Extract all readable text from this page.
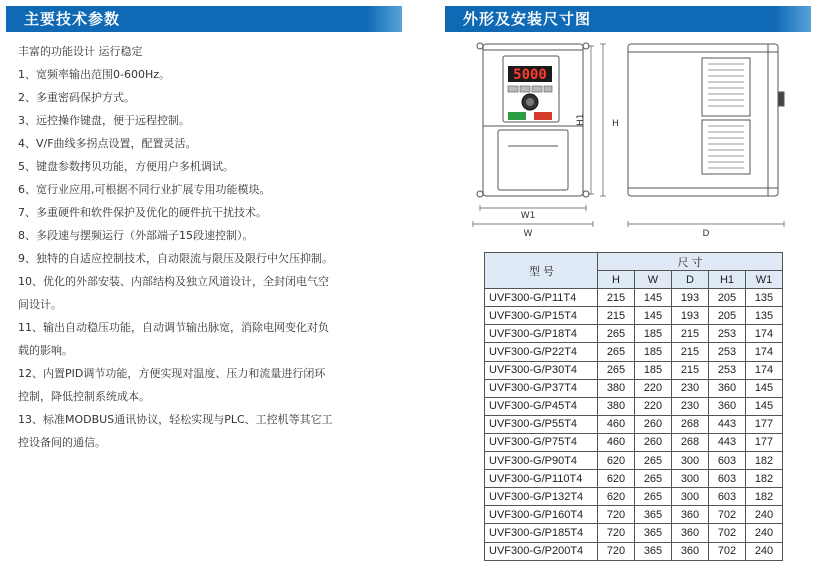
主要技术参数
丰富的功能设计 运行稳定
1、宽频率输出范围0-600Hz。
2、多重密码保护方式。
3、远控操作键盘，便于远程控制。
4、V/F曲线多拐点设置，配置灵活。
5、键盘参数拷贝功能，方便用户多机调试。
6、宽行业应用,可根据不同行业扩展专用功能模块。
7、多重硬件和软件保护及优化的硬件抗干扰技术。
8、多段速与摆频运行（外部端子15段速控制）。
9、独特的自适应控制技术，自动限流与限压及限行中欠压抑制。
10、优化的外部安装、内部结构及独立风道设计，全封闭电气空
间设计。
11、输出自动稳压功能，自动调节输出脉宽，消除电网变化对负
载的影响。
12、内置PID调节功能，方便实现对温度、压力和流量进行闭环
控制，降低控制系统成本。
13、标准MODBUS通讯协议，轻松实现与PLC、工控机等其它工
控设备间的通信。
外形及安装尺寸图
5000
H1	H
W1
W	D
型 号	尺 寸				
	H	W	D	H1	W1
UVF300-G/P11T4	215	145	193	205	135
UVF300-G/P15T4	215	145	193	205	135
UVF300-G/P18T4	265	185	215	253	174
UVF300-G/P22T4	265	185	215	253	174
UVF300-G/P30T4	265	185	215	253	174
UVF300-G/P37T4	380	220	230	360	145
UVF300-G/P45T4	380	220	230	360	145
UVF300-G/P55T4	460	260	268	443	177
UVF300-G/P75T4	460	260	268	443	177
UVF300-G/P90T4	620	265	300	603	182
UVF300-G/P110T4	620	265	300	603	182
UVF300-G/P132T4	620	265	300	603	182
UVF300-G/P160T4	720	365	360	702	240
UVF300-G/P185T4	720	365	360	702	240
UVF300-G/P200T4	720	365	360	702	240
